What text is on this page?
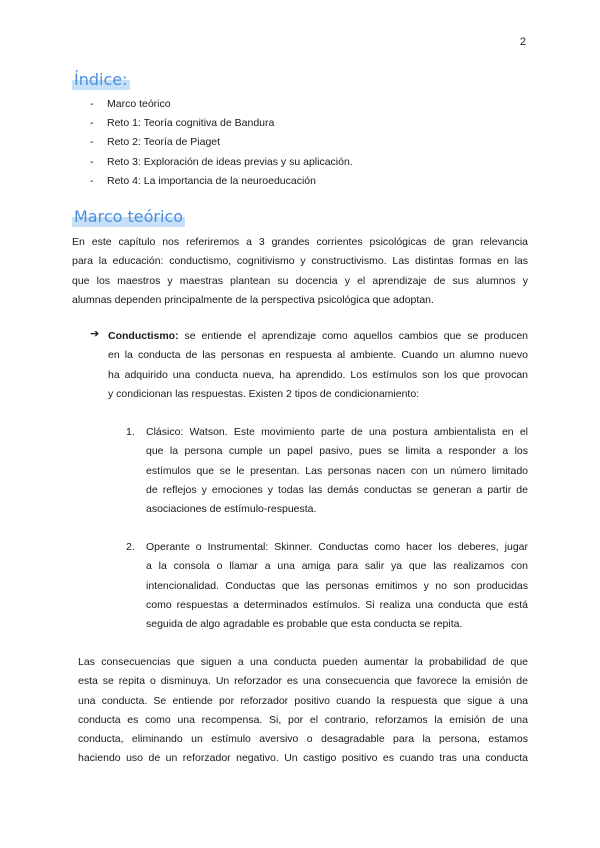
2
Índice:
- Marco teórico
- Reto 1: Teoría cognitiva de Bandura
- Reto 2: Teoría de Piaget
- Reto 3: Exploración de ideas previas y su aplicación.
- Reto 4: La importancia de la neuroeducación
Marco teórico
En este capítulo nos referiremos a 3 grandes corrientes psicológicas de gran relevancia
para la educación: conductismo, cognitivismo y constructivismo. Las distintas formas en las
que los maestros y maestras plantean su docencia y el aprendizaje de sus alumnos y
alumnas dependen principalmente de la perspectiva psicológica que adoptan.
➔ Conductismo: se entiende el aprendizaje como aquellos cambios que se producen
en la conducta de las personas en respuesta al ambiente. Cuando un alumno nuevo
ha adquirido una conducta nueva, ha aprendido. Los estímulos son los que provocan
y condicionan las respuestas. Existen 2 tipos de condicionamiento:
1. Clásico: Watson. Este movimiento parte de una postura ambientalista en el
que la persona cumple un papel pasivo, pues se limita a responder a los
estímulos que se le presentan. Las personas nacen con un número limitado
de reflejos y emociones y todas las demás conductas se generan a partir de
asociaciones de estímulo-respuesta.
2. Operante o Instrumental: Skinner. Conductas como hacer los deberes, jugar
a la consola o llamar a una amiga para salir ya que las realizamos con
intencionalidad. Conductas que las personas emitimos y no son producidas
como respuestas a determinados estímulos. Si realiza una conducta que está
seguida de algo agradable es probable que esta conducta se repita.
Las consecuencias que siguen a una conducta pueden aumentar la probabilidad de que
esta se repita o disminuya. Un reforzador es una consecuencia que favorece la emisión de
una conducta. Se entiende por reforzador positivo cuando la respuesta que sigue a una
conducta es como una recompensa. Si, por el contrario, reforzamos la emisión de una
conducta, eliminando un estímulo aversivo o desagradable para la persona, estamos
haciendo uso de un reforzador negativo. Un castigo positivo es cuando tras una conducta
